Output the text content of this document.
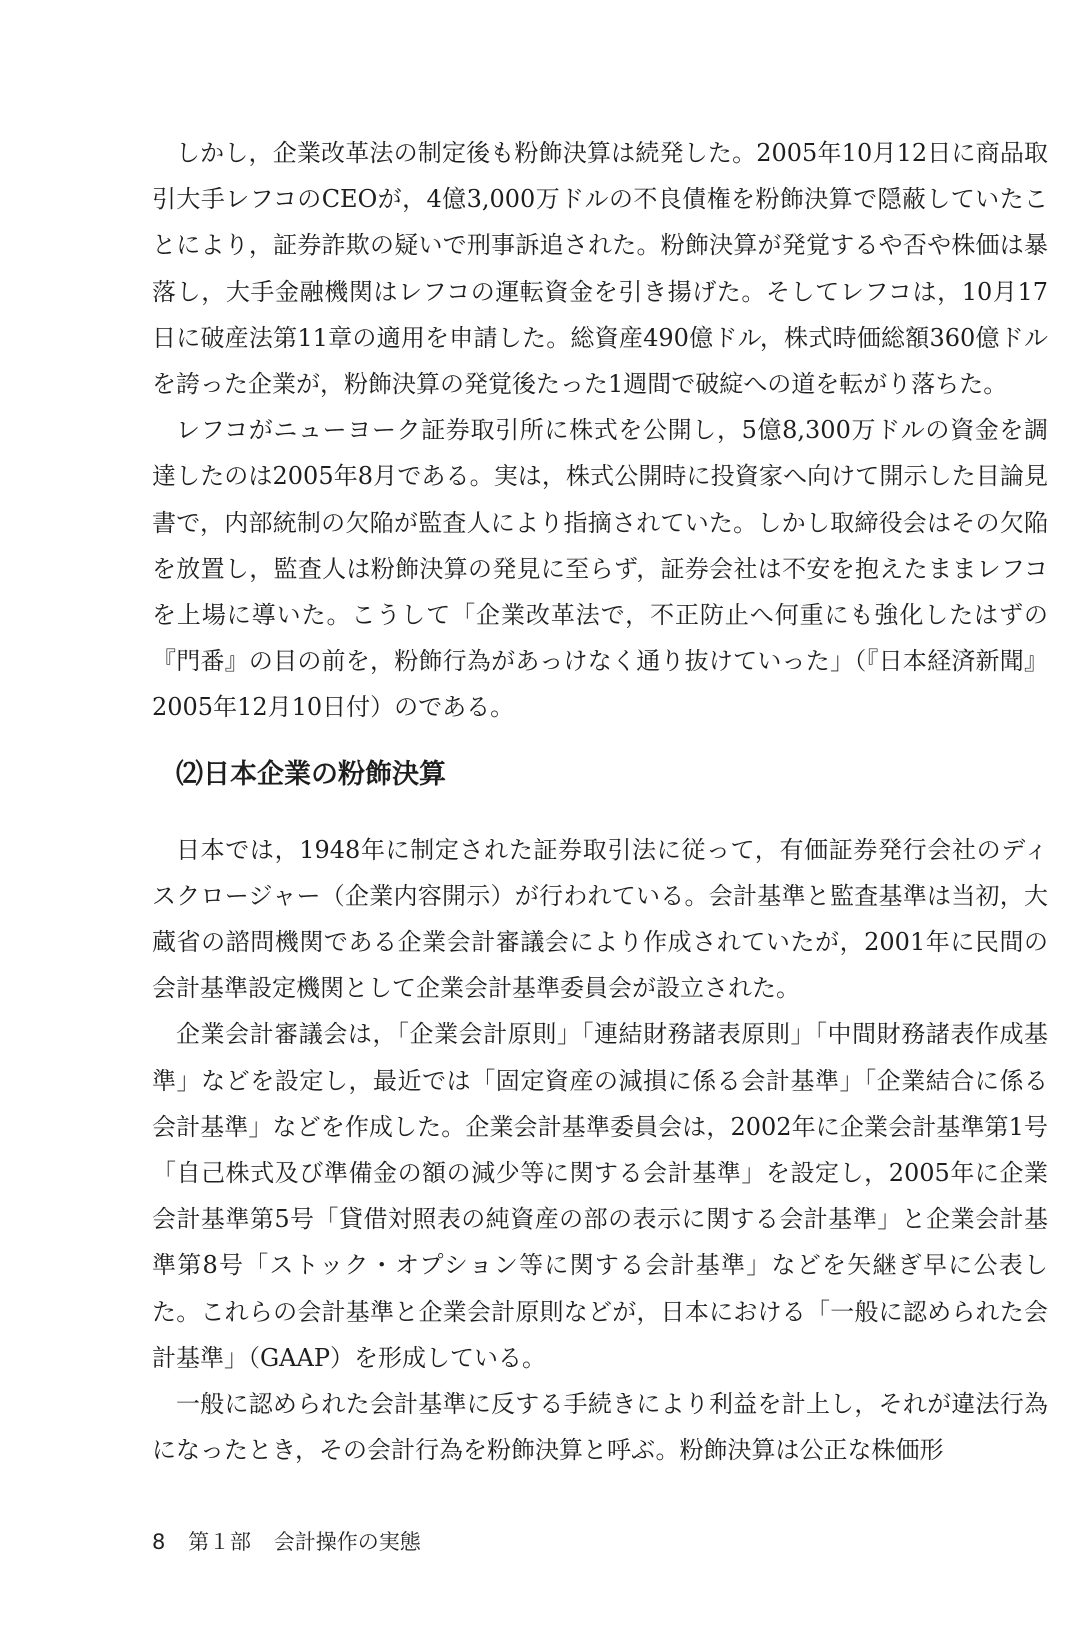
しかし，企業改革法の制定後も粉飾決算は続発した。2005年10月12日に商品取引大手レフコのCEOが，4億3,000万ドルの不良債権を粉飾決算で隠蔽していたことにより，証券詐欺の疑いで刑事訴追された。粉飾決算が発覚するや否や株価は暴落し，大手金融機関はレフコの運転資金を引き揚げた。そしてレフコは，10月17日に破産法第11章の適用を申請した。総資産490億ドル，株式時価総額360億ドルを誇った企業が，粉飾決算の発覚後たった1週間で破綻への道を転がり落ちた。

レフコがニューヨーク証券取引所に株式を公開し，5億8,300万ドルの資金を調達したのは2005年8月である。実は，株式公開時に投資家へ向けて開示した目論見書で，内部統制の欠陥が監査人により指摘されていた。しかし取締役会はその欠陥を放置し，監査人は粉飾決算の発見に至らず，証券会社は不安を抱えたままレフコを上場に導いた。こうして「企業改革法で，不正防止へ何重にも強化したはずの『門番』の目の前を，粉飾行為があっけなく通り抜けていった」（『日本経済新聞』2005年12月10日付）のである。

⑵日本企業の粉飾決算

日本では，1948年に制定された証券取引法に従って，有価証券発行会社のディスクロージャー（企業内容開示）が行われている。会計基準と監査基準は当初，大蔵省の諮問機関である企業会計審議会により作成されていたが，2001年に民間の会計基準設定機関として企業会計基準委員会が設立された。

企業会計審議会は，「企業会計原則」「連結財務諸表原則」「中間財務諸表作成基準」などを設定し，最近では「固定資産の減損に係る会計基準」「企業結合に係る会計基準」などを作成した。企業会計基準委員会は，2002年に企業会計基準第1号「自己株式及び準備金の額の減少等に関する会計基準」を設定し，2005年に企業会計基準第5号「貸借対照表の純資産の部の表示に関する会計基準」と企業会計基準第8号「ストック・オプション等に関する会計基準」などを矢継ぎ早に公表した。これらの会計基準と企業会計原則などが，日本における「一般に認められた会計基準」（GAAP）を形成している。

一般に認められた会計基準に反する手続きにより利益を計上し，それが違法行為になったとき，その会計行為を粉飾決算と呼ぶ。粉飾決算は公正な株価形

8 第１部 会計操作の実態
